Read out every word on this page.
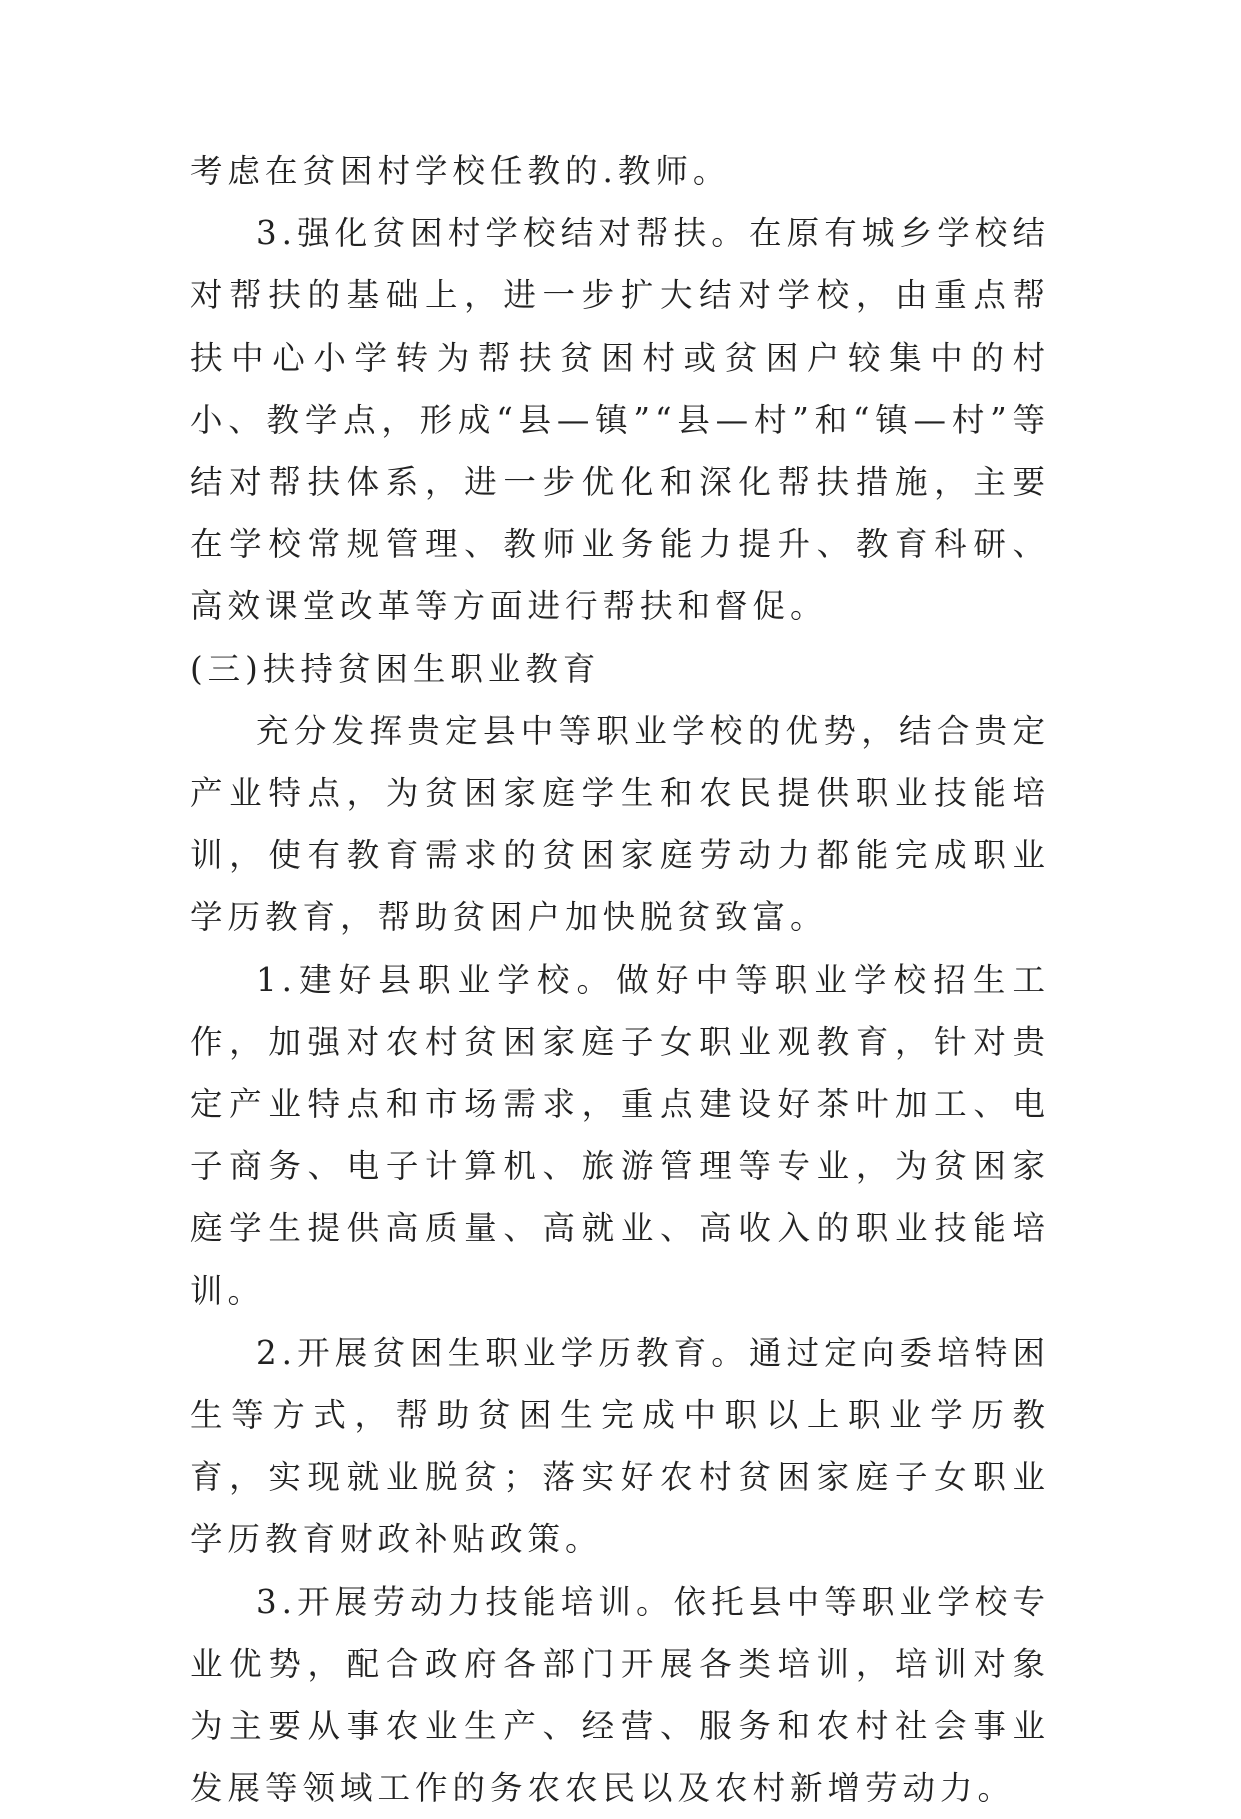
考虑在贫困村学校任教的.教师。

3.强化贫困村学校结对帮扶。在原有城乡学校结对帮扶的基础上，进一步扩大结对学校，由重点帮扶中心小学转为帮扶贫困村或贫困户较集中的村小、教学点，形成“县—镇”“县—村”和“镇—村”等结对帮扶体系，进一步优化和深化帮扶措施，主要在学校常规管理、教师业务能力提升、教育科研、高效课堂改革等方面进行帮扶和督促。

(三)扶持贫困生职业教育

充分发挥贵定县中等职业学校的优势，结合贵定产业特点，为贫困家庭学生和农民提供职业技能培训，使有教育需求的贫困家庭劳动力都能完成职业学历教育，帮助贫困户加快脱贫致富。

1.建好县职业学校。做好中等职业学校招生工作，加强对农村贫困家庭子女职业观教育，针对贵定产业特点和市场需求，重点建设好茶叶加工、电子商务、电子计算机、旅游管理等专业，为贫困家庭学生提供高质量、高就业、高收入的职业技能培训。

2.开展贫困生职业学历教育。通过定向委培特困生等方式，帮助贫困生完成中职以上职业学历教育，实现就业脱贫；落实好农村贫困家庭子女职业学历教育财政补贴政策。

3.开展劳动力技能培训。依托县中等职业学校专业优势，配合政府各部门开展各类培训，培训对象为主要从事农业生产、经营、服务和农村社会事业发展等领域工作的务农农民以及农村新增劳动力。
